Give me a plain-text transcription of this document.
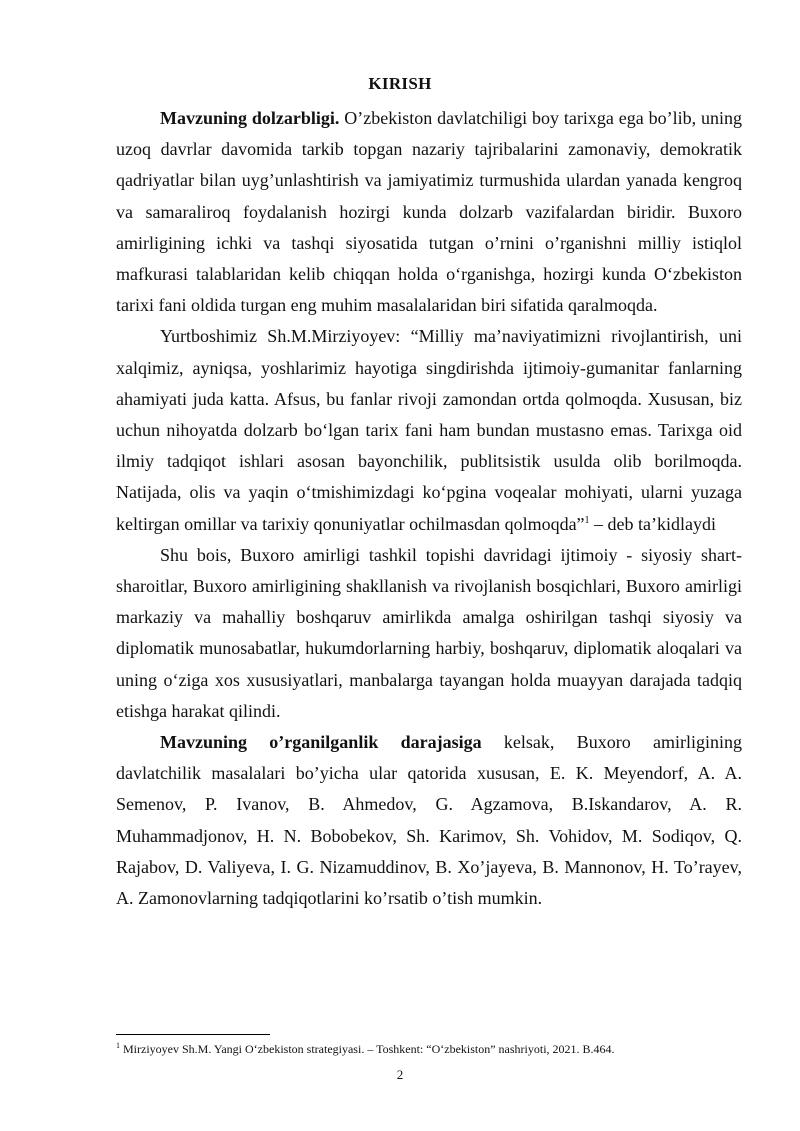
KIRISH

Mavzuning dolzarbligi. O’zbekiston davlatchiligi boy tarixga ega bo’lib, uning uzoq davrlar davomida tarkib topgan nazariy tajribalarini zamonaviy, demokratik qadriyatlar bilan uyg’unlashtirish va jamiyatimiz turmushida ulardan yanada kengroq va samaraliroq foydalanish hozirgi kunda dolzarb vazifalardan biridir. Buxoro amirligining ichki va tashqi siyosatida tutgan o’rnini o’rganishni milliy istiqlol mafkurasi talablaridan kelib chiqqan holda o‘rganishga, hozirgi kunda O‘zbekiston tarixi fani oldida turgan eng muhim masalalaridan biri sifatida qaralmoqda.

Yurtboshimiz Sh.M.Mirziyoyev: “Milliy ma’naviyatimizni rivojlantirish, uni xalqimiz, ayniqsa, yoshlarimiz hayotiga singdirishda ijtimoiy-gumanitar fanlarning ahamiyati juda katta. Afsus, bu fanlar rivoji zamondan ortda qolmoqda. Xususan, biz uchun nihoyatda dolzarb bo‘lgan tarix fani ham bundan mustasno emas. Tarixga oid ilmiy tadqiqot ishlari asosan bayonchilik, publitsistik usulda olib borilmoqda. Natijada, olis va yaqin o‘tmishimizdagi ko‘pgina voqealar mohiyati, ularni yuzaga keltirgan omillar va tarixiy qonuniyatlar ochilmasdan qolmoqda”$^1$ – deb ta’kidlaydi

Shu bois, Buxoro amirligi tashkil topishi davridagi ijtimoiy - siyosiy shart-sharoitlar, Buxoro amirligining shakllanish va rivojlanish bosqichlari, Buxoro amirligi markaziy va mahalliy boshqaruv amirlikda amalga oshirilgan tashqi siyosiy va diplomatik munosabatlar, hukumdorlarning harbiy, boshqaruv, diplomatik aloqalari va uning o‘ziga xos xususiyatlari, manbalarga tayangan holda muayyan darajada tadqiq etishga harakat qilindi.

Mavzuning o’rganilganlik darajasiga kelsak, Buxoro amirligining davlatchilik masalalari bo’yicha ular qatorida xususan, E. K. Meyendorf, A. A. Semenov, P. Ivanov, B. Ahmedov, G. Agzamova, B.Iskandarov, A. R. Muhammadjonov, H. N. Bobobekov, Sh. Karimov, Sh. Vohidov, M. Sodiqov, Q. Rajabov, D. Valiyeva, I. G. Nizamuddinov, B. Xo’jayeva, B. Mannonov, H. To’rayev, A. Zamonovlarning tadqiqotlarini ko’rsatib o’tish mumkin.

$^1$ Mirziyoyev Sh.M. Yangi O‘zbekiston strategiyasi. – Toshkent: “O‘zbekiston” nashriyoti, 2021. B.464.
2
